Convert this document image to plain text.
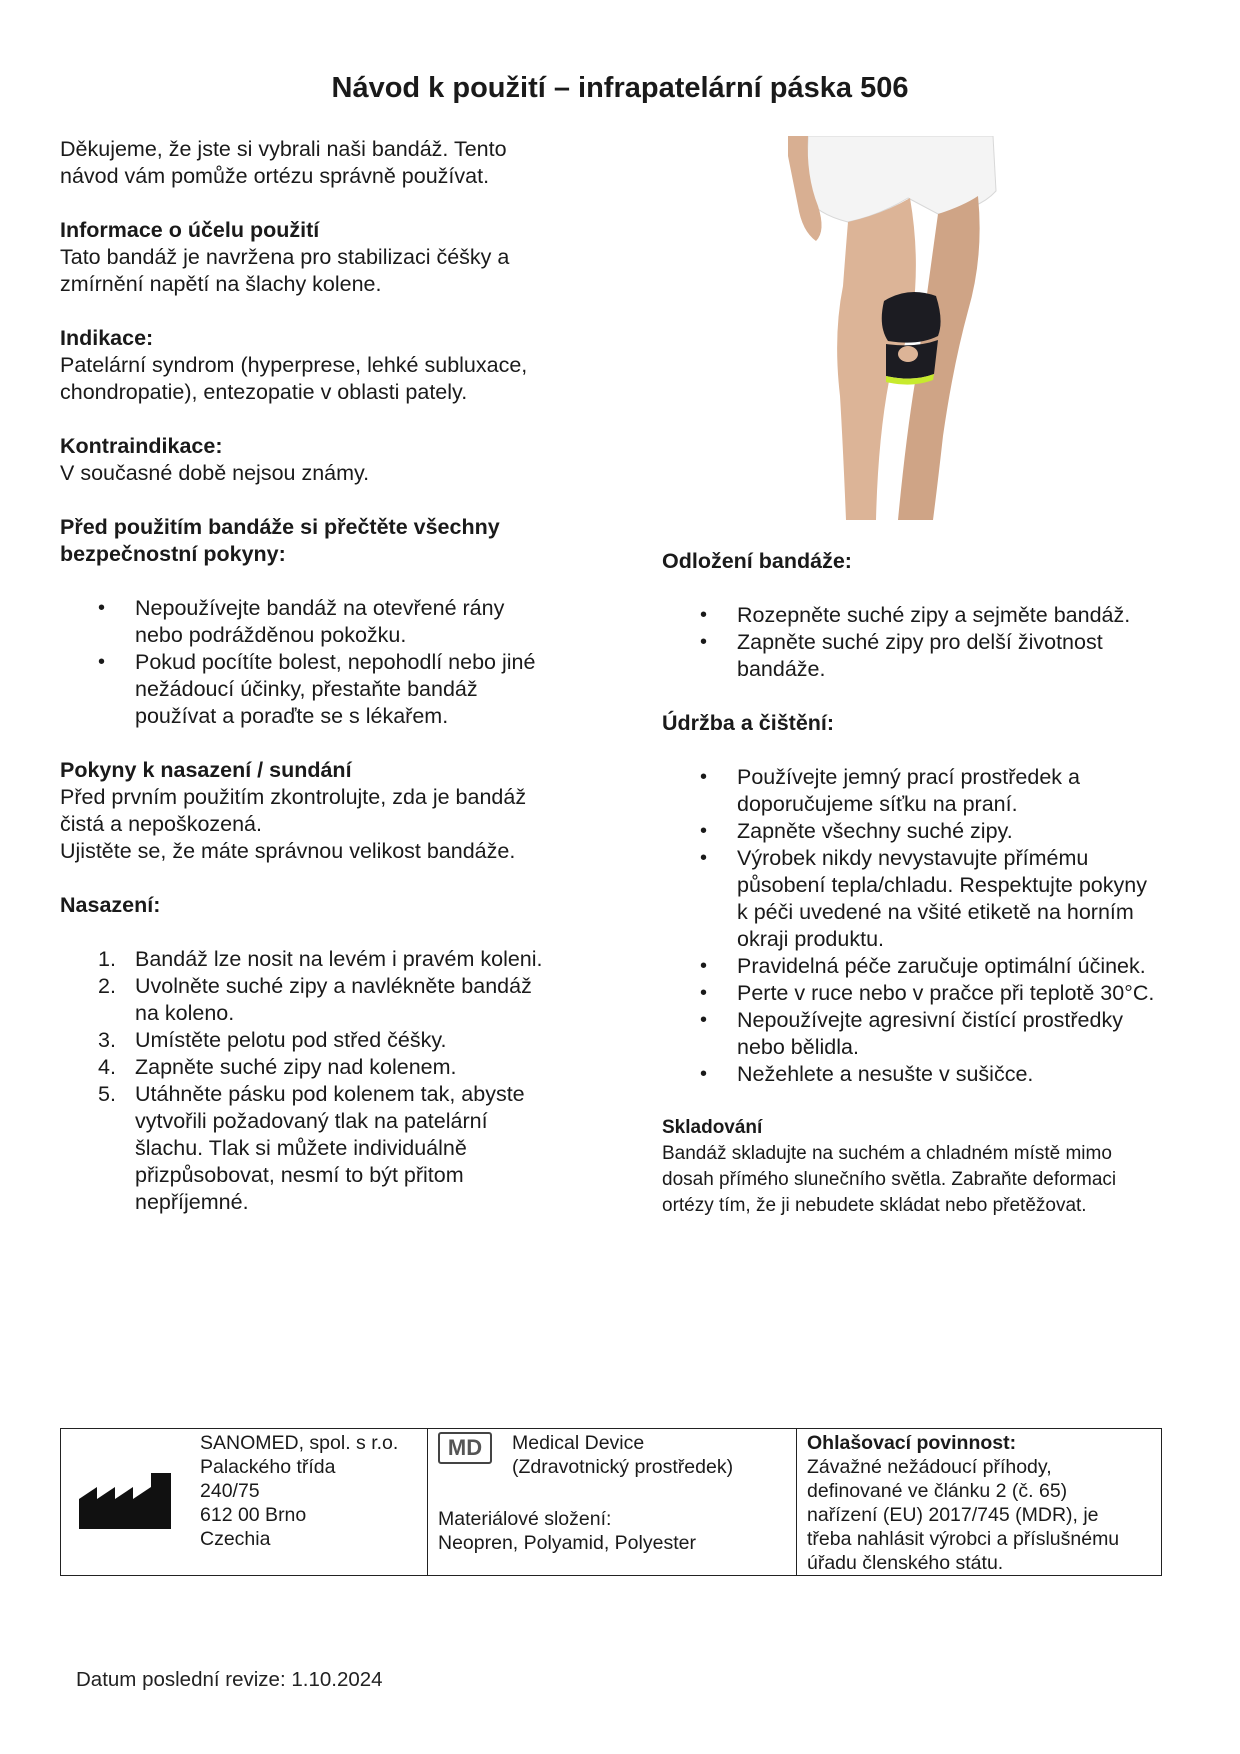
Návod k použití – infrapatelární páska 506

Děkujeme, že jste si vybrali naši bandáž. Tento

návod vám pomůže ortézu správně používat.

Informace o účelu použití

Tato bandáž je navržena pro stabilizaci čéšky a

zmírnění napětí na šlachy kolene.

Indikace:

Patelární syndrom (hyperprese, lehké subluxace,

chondropatie), entezopatie v oblasti pately.

Kontraindikace:

V současné době nejsou známy.

Před použitím bandáže si přečtěte všechny

bezpečnostní pokyny:

• Nepoužívejte bandáž na otevřené rány

nebo podrážděnou pokožku.

• Pokud pocítíte bolest, nepohodlí nebo jiné

nežádoucí účinky, přestaňte bandáž

používat a poraďte se s lékařem.

Pokyny k nasazení / sundání

Před prvním použitím zkontrolujte, zda je bandáž

čistá a nepoškozená.

Ujistěte se, že máte správnou velikost bandáže.

Nasazení:

1. Bandáž lze nosit na levém i pravém koleni.

2. Uvolněte suché zipy a navlékněte bandáž

na koleno.

3. Umístěte pelotu pod střed čéšky.

4. Zapněte suché zipy nad kolenem.

5. Utáhněte pásku pod kolenem tak, abyste

vytvořili požadovaný tlak na patelární

šlachu. Tlak si můžete individuálně

přizpůsobovat, nesmí to být přitom

nepříjemné.

Odložení bandáže:

• Rozepněte suché zipy a sejměte bandáž.

• Zapněte suché zipy pro delší životnost

bandáže.

Údržba a čištění:

• Používejte jemný prací prostředek a

doporučujeme síťku na praní.

• Zapněte všechny suché zipy.

• Výrobek nikdy nevystavujte přímému

působení tepla/chladu. Respektujte pokyny

k péči uvedené na všité etiketě na horním

okraji produktu.

• Pravidelná péče zaručuje optimální účinek.

• Perte v ruce nebo v pračce při teplotě 30°C.

• Nepoužívejte agresivní čistící prostředky

nebo bělidla.

• Nežehlete a nesušte v sušičce.

Skladování

Bandáž skladujte na suchém a chladném místě mimo

dosah přímého slunečního světla. Zabraňte deformaci

ortézy tím, že ji nebudete skládat nebo přetěžovat.

SANOMED, spol. s r.o.
Palackého třída
240/75
612 00 Brno
Czechia

MD	Medical Device
(Zdravotnický prostředek)
Materiálové složení:
Neopren, Polyamid, Polyester

Ohlašovací povinnost:
Závažné nežádoucí příhody,
definované ve článku 2 (č. 65)
nařízení (EU) 2017/745 (MDR), je
třeba nahlásit výrobci a příslušnému
úřadu členského státu.
Datum poslední revize: 1.10.2024
